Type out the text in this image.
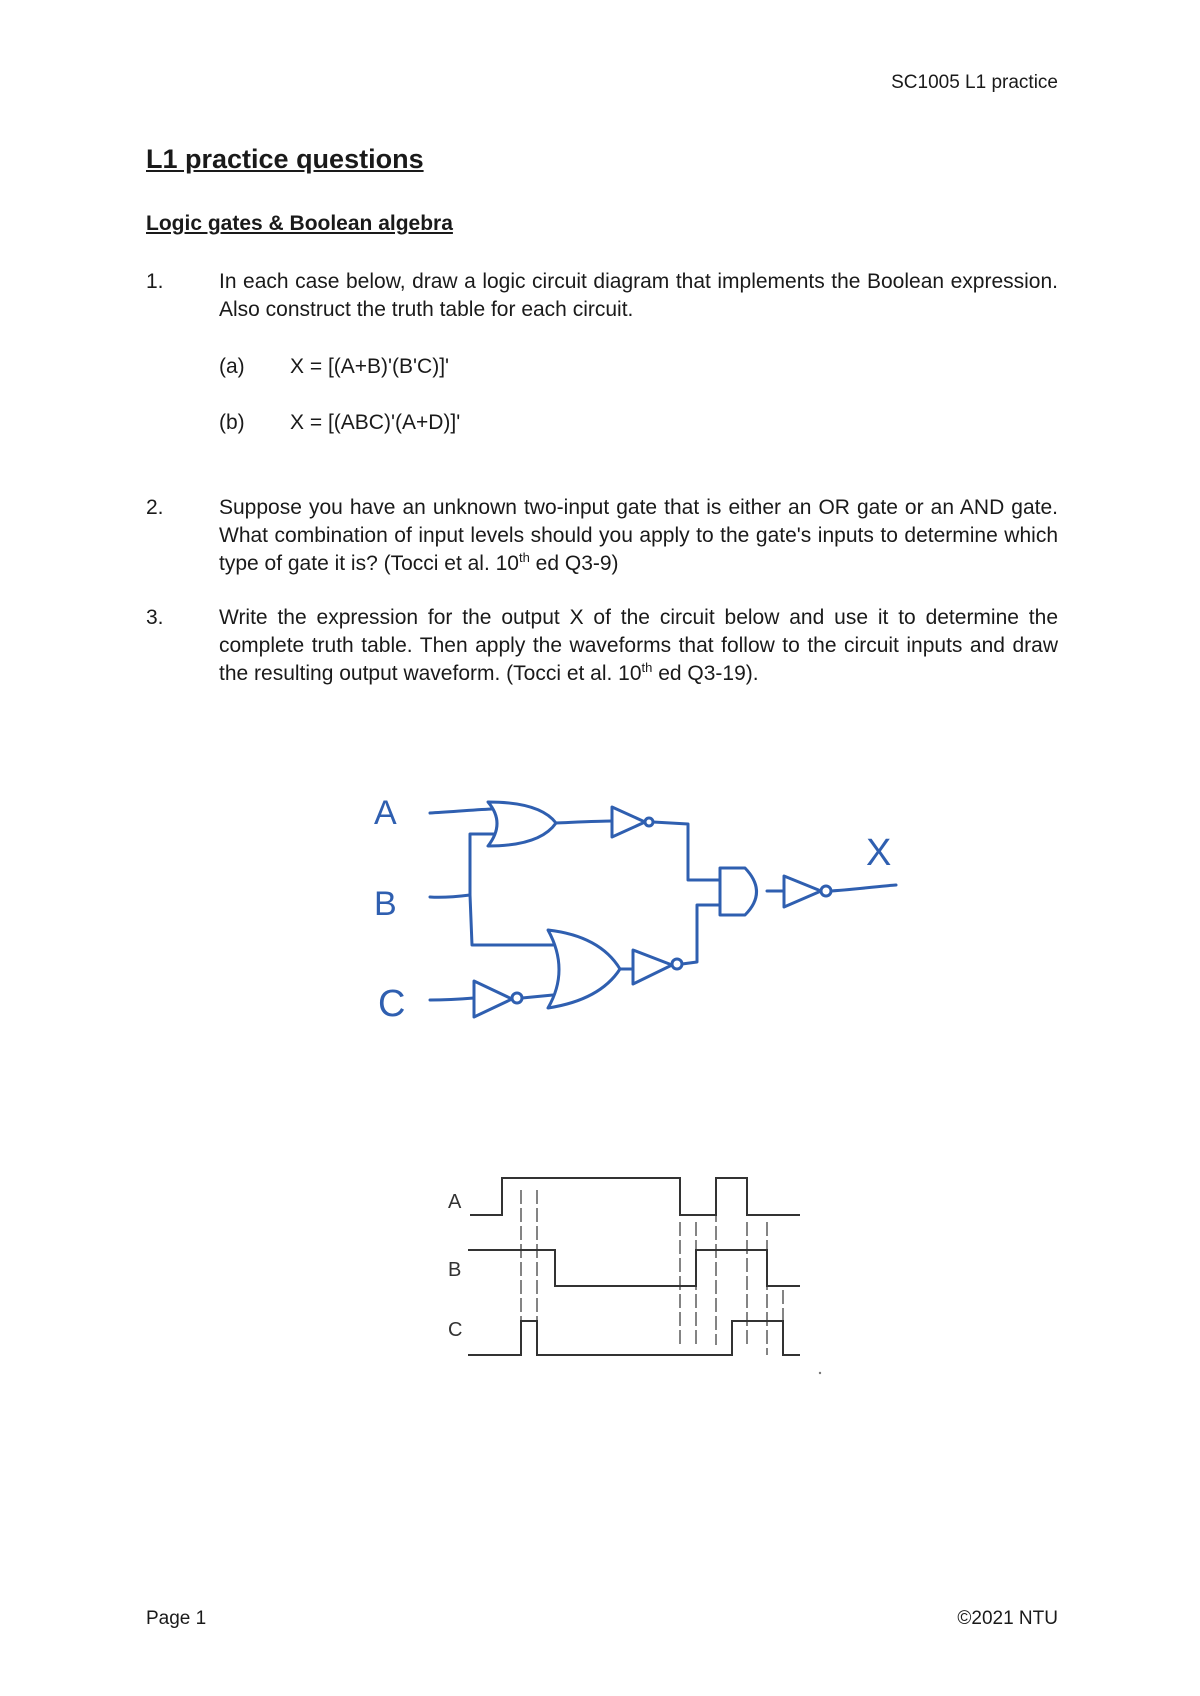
SC1005 L1 practice
L1 practice questions
Logic gates & Boolean algebra
1.	In each case below, draw a logic circuit diagram that implements the Boolean expression. Also construct the truth table for each circuit.
(a) X = [(A+B)'(B'C)]'
(b) X = [(ABC)'(A+D)]'
2.	Suppose you have an unknown two-input gate that is either an OR gate or an AND gate. What combination of input levels should you apply to the gate's inputs to determine which type of gate it is? (Tocci et al. 10th ed Q3-9)
3.	Write the expression for the output X of the circuit below and use it to determine the complete truth table. Then apply the waveforms that follow to the circuit inputs and draw the resulting output waveform. (Tocci et al. 10th ed Q3-19).
A
B
C
X
A
B
C
Page 1	©2021 NTU
